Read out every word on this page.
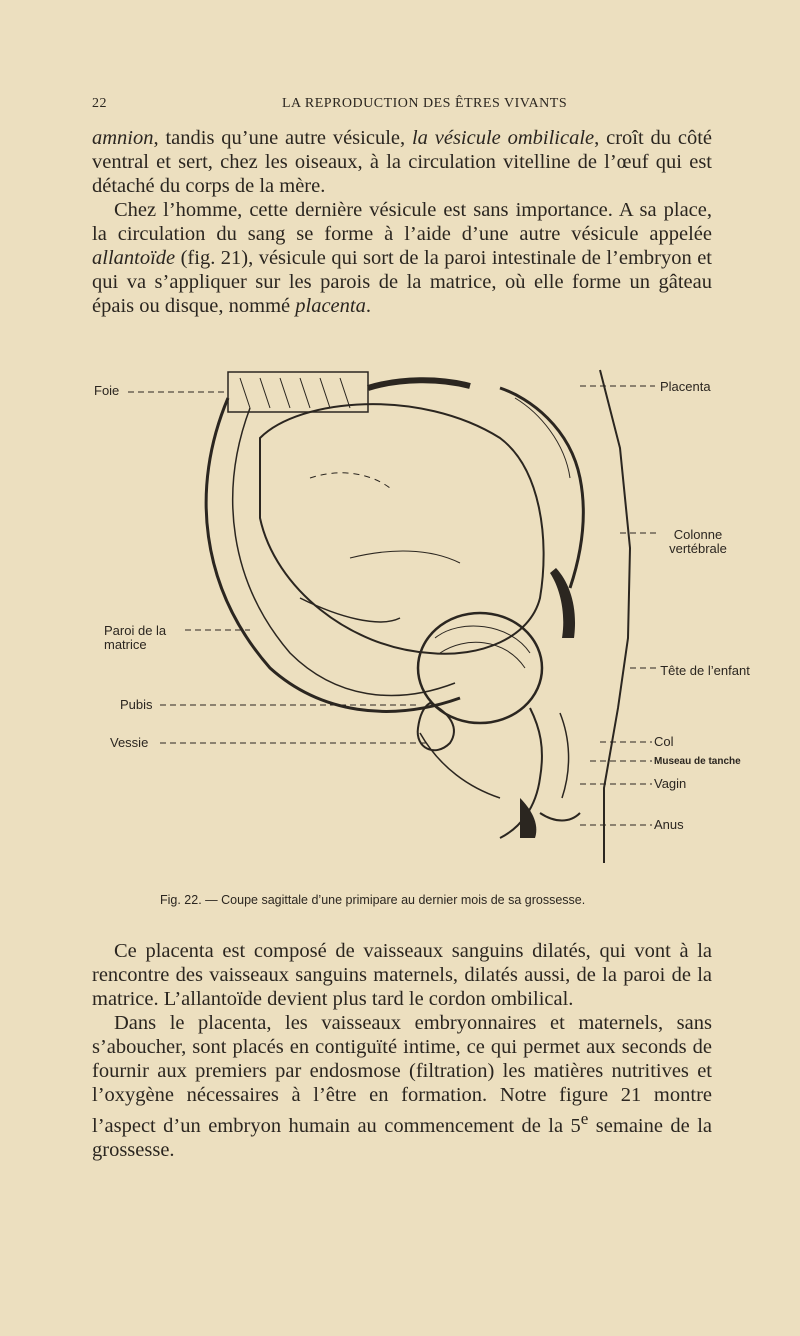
22	LA REPRODUCTION DES ÊTRES VIVANTS

amnion, tandis qu’une autre vésicule, la vésicule ombilicale, croît du côté ventral et sert, chez les oiseaux, à la circulation vitelline de l’œuf qui est détaché du corps de la mère.
Chez l’homme, cette dernière vésicule est sans importance. A sa place, la circulation du sang se forme à l’aide d’une autre vésicule appelée allantoïde (fig. 21), vésicule qui sort de la paroi intestinale de l’embryon et qui va s’appliquer sur les parois de la matrice, où elle forme un gâteau épais ou disque, nommé placenta.

Foie	Placenta
Colonne vertébrale
Paroi de la matrice
Tête de l’enfant
Pubis
Vessie	Col
Museau de tanche
Vagin
Anus
Fig. 22. — Coupe sagittale d’une primipare au dernier mois de sa grossesse.

Ce placenta est composé de vaisseaux sanguins dilatés, qui vont à la rencontre des vaisseaux sanguins maternels, dilatés aussi, de la paroi de la matrice. L’allantoïde devient plus tard le cordon ombilical.
Dans le placenta, les vaisseaux embryonnaires et maternels, sans s’aboucher, sont placés en contiguïté intime, ce qui permet aux seconds de fournir aux premiers par endosmose (filtration) les matières nutritives et l’oxygène nécessaires à l’être en formation. Notre figure 21 montre l’aspect d’un embryon humain au commencement de la 5e semaine de la grossesse.
